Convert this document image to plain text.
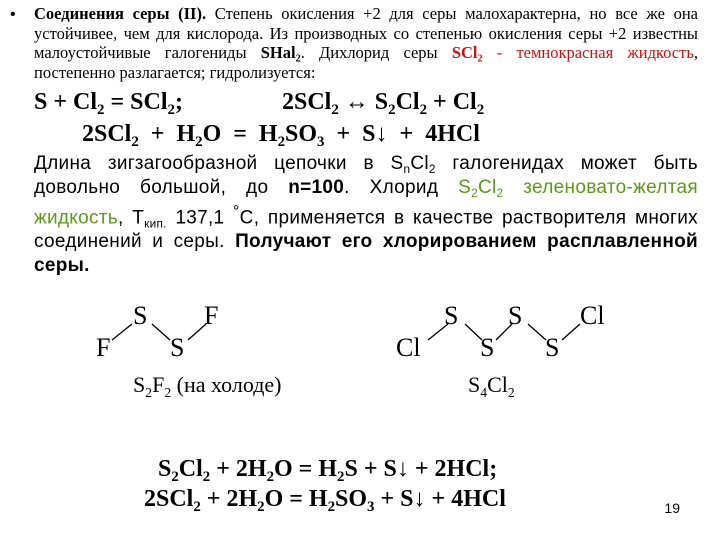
• Соединения серы (II). Степень окисления +2 для серы малохарактерна, но все же она устойчивее, чем для кислорода. Из производных со степенью окисления серы +2 известны малоустойчивые галогениды SHal$_2$. Дихлорид серы SCl$_2$ - темнокрасная жидкость, постепенно разлагается; гидролизуется:
$S + Cl_2 = SCl_2$;	2SCl$_2$ ↔ $S_2Cl_2 + Cl_2$
$2SCl_2 + H_2O = H_2SO_3$ + S↓ + 4HCl
Длина зигзагообразной цепочки в $S_nCl_2$ галогенидах может быть довольно большой, до n=100. Хлорид $S_2Cl_2$ зеленовато-желтая жидкость, $T_{кип.}$ 137,1 °C, применяется в качестве растворителя многих соединений и серы. Получают его хлорированием расплавленной серы.
S F
F S
$S_2F_2$ (на холоде)
S S Cl
Cl S S
$S_4Cl_2$
$S_2Cl_2 + 2H_2O = H_2S$ + S↓ + 2HCl;
$2SCl_2 + 2H_2O = H_2SO_3$ + S↓ + 4HCl	19
